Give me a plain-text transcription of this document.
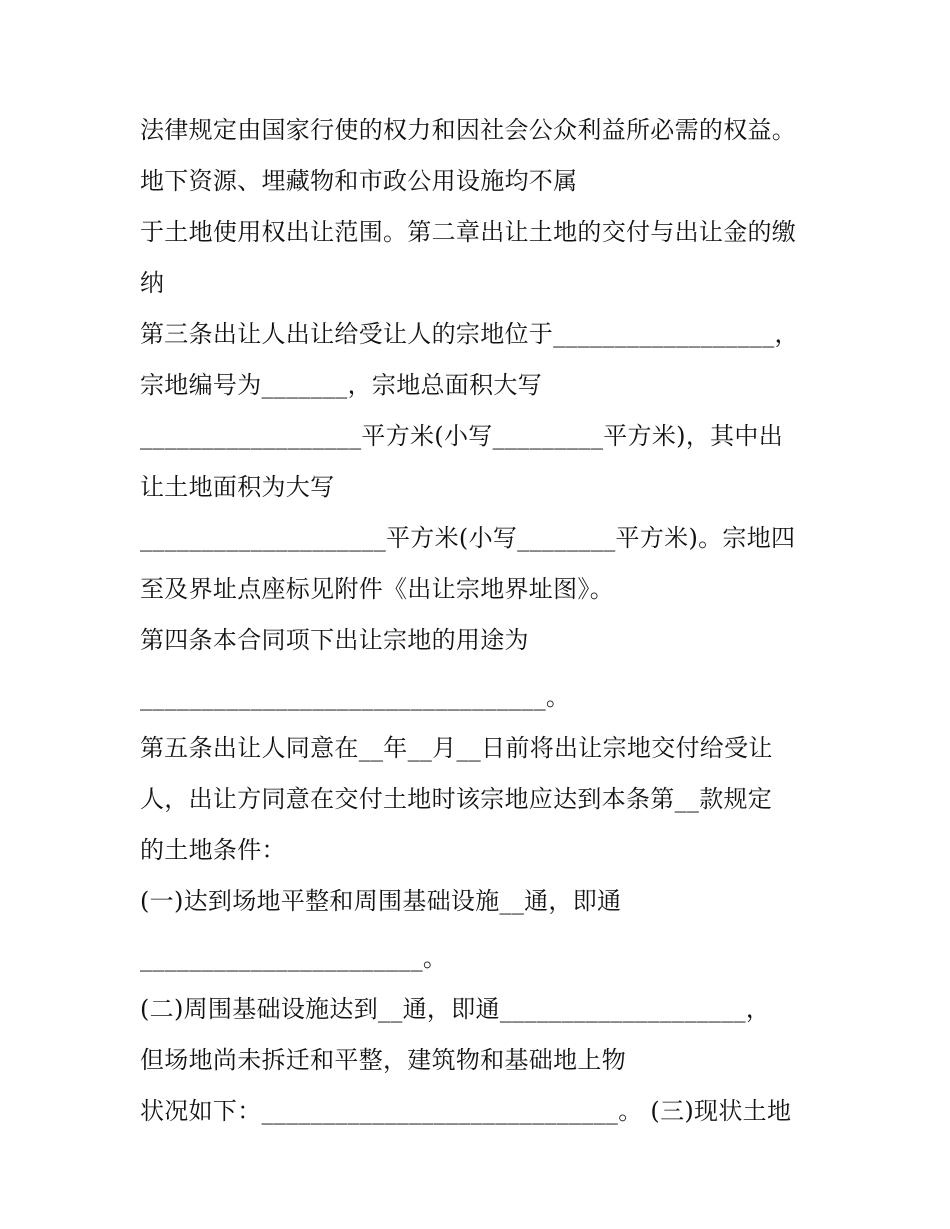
法律规定由国家行使的权力和因社会公众利益所必需的权益。
地下资源、埋藏物和市政公用设施均不属
于土地使用权出让范围。第二章出让土地的交付与出让金的缴
纳
第三条出让人出让给受让人的宗地位于__________________，
宗地编号为_______，宗地总面积大写
__________________平方米(小写_________平方米)，其中出
让土地面积为大写
____________________平方米(小写________平方米)。宗地四
至及界址点座标见附件《出让宗地界址图》。
第四条本合同项下出让宗地的用途为
_________________________________。
第五条出让人同意在__年__月__日前将出让宗地交付给受让
人，出让方同意在交付土地时该宗地应达到本条第__款规定
的土地条件：
(一)达到场地平整和周围基础设施__通，即通
_______________________。
(二)周围基础设施达到__通，即通____________________，
但场地尚未拆迁和平整，建筑物和基础地上物
状况如下：_____________________________。 (三)现状土地
